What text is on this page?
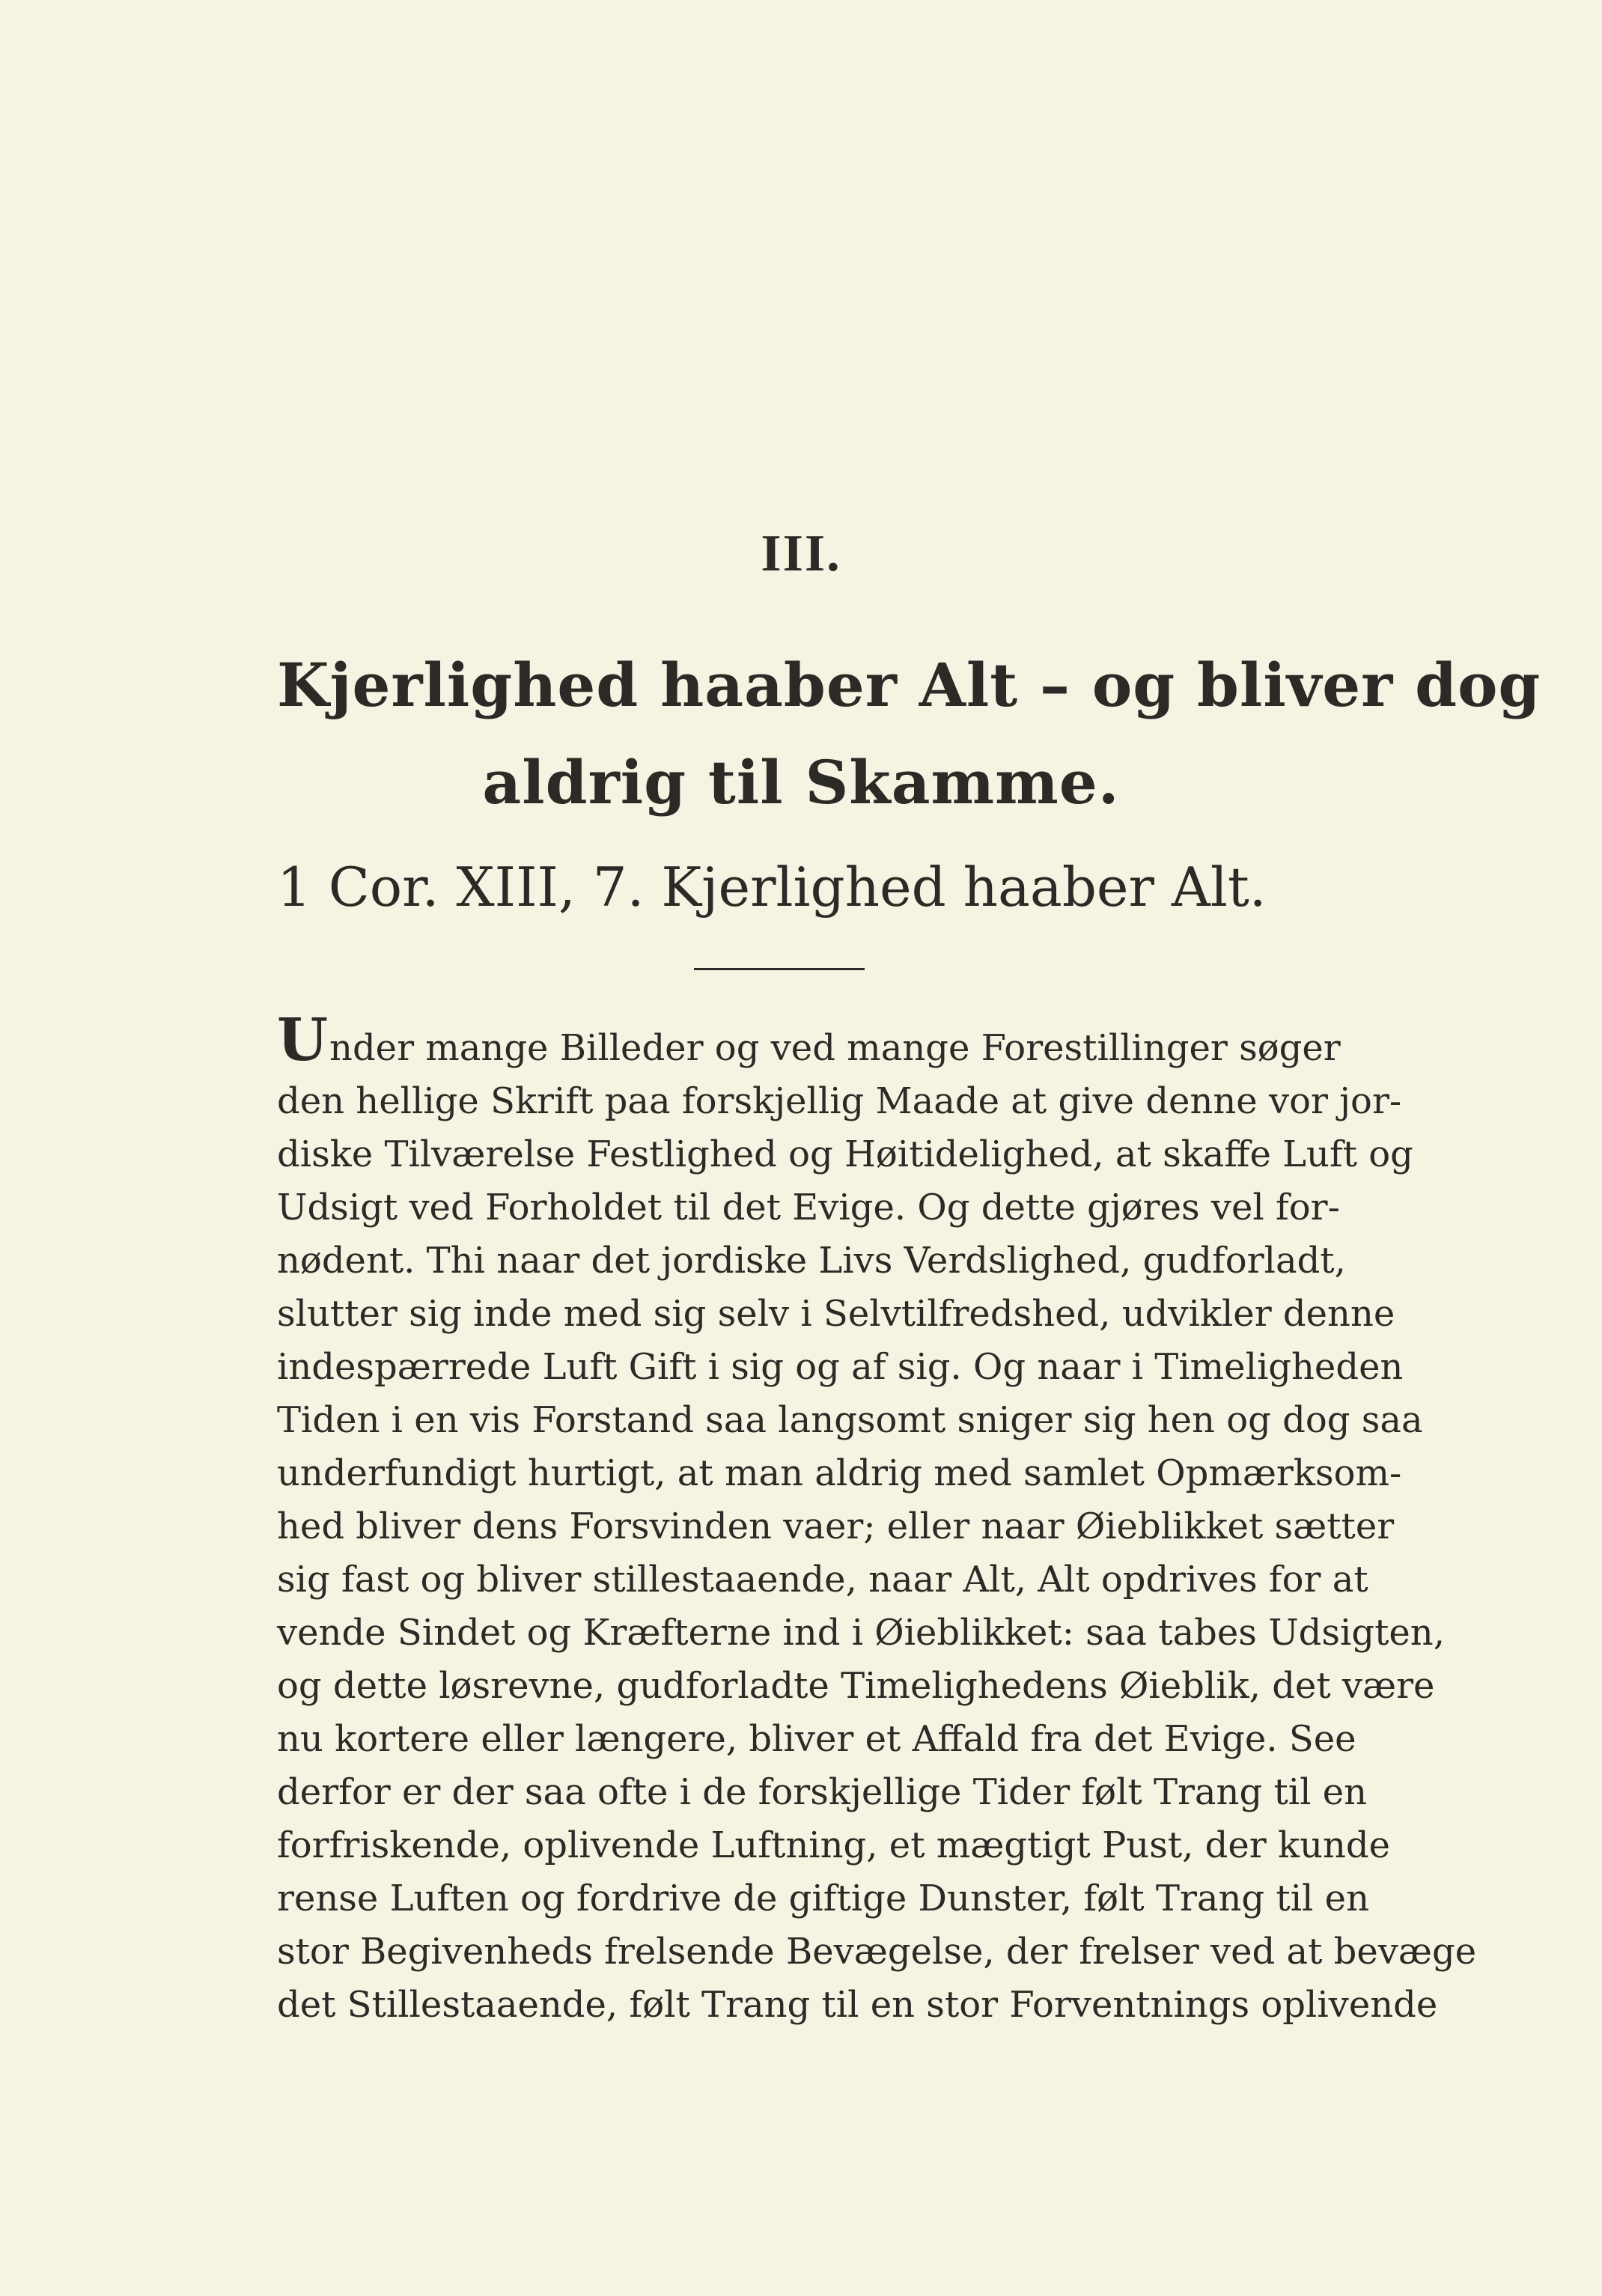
III.
Kjerlighed haaber Alt – og bliver dog
aldrig til Skamme.
1 Cor. XIII, 7. Kjerlighed haaber Alt.
Under mange Billeder og ved mange Forestillinger søger
den hellige Skrift paa forskjellig Maade at give denne vor jor-
diske Tilværelse Festlighed og Høitidelighed, at skaffe Luft og
Udsigt ved Forholdet til det Evige. Og dette gjøres vel for-
nødent. Thi naar det jordiske Livs Verdslighed, gudforladt,
slutter sig inde med sig selv i Selvtilfredshed, udvikler denne
indespærrede Luft Gift i sig og af sig. Og naar i Timeligheden
Tiden i en vis Forstand saa langsomt sniger sig hen og dog saa
underfundigt hurtigt, at man aldrig med samlet Opmærksom-
hed bliver dens Forsvinden vaer; eller naar Øieblikket sætter
sig fast og bliver stillestaaende, naar Alt, Alt opdrives for at
vende Sindet og Kræfterne ind i Øieblikket: saa tabes Udsigten,
og dette løsrevne, gudforladte Timelighedens Øieblik, det være
nu kortere eller længere, bliver et Affald fra det Evige. See
derfor er der saa ofte i de forskjellige Tider følt Trang til en
forfriskende, oplivende Luftning, et mægtigt Pust, der kunde
rense Luften og fordrive de giftige Dunster, følt Trang til en
stor Begivenheds frelsende Bevægelse, der frelser ved at bevæge
det Stillestaaende, følt Trang til en stor Forventnings oplivende
